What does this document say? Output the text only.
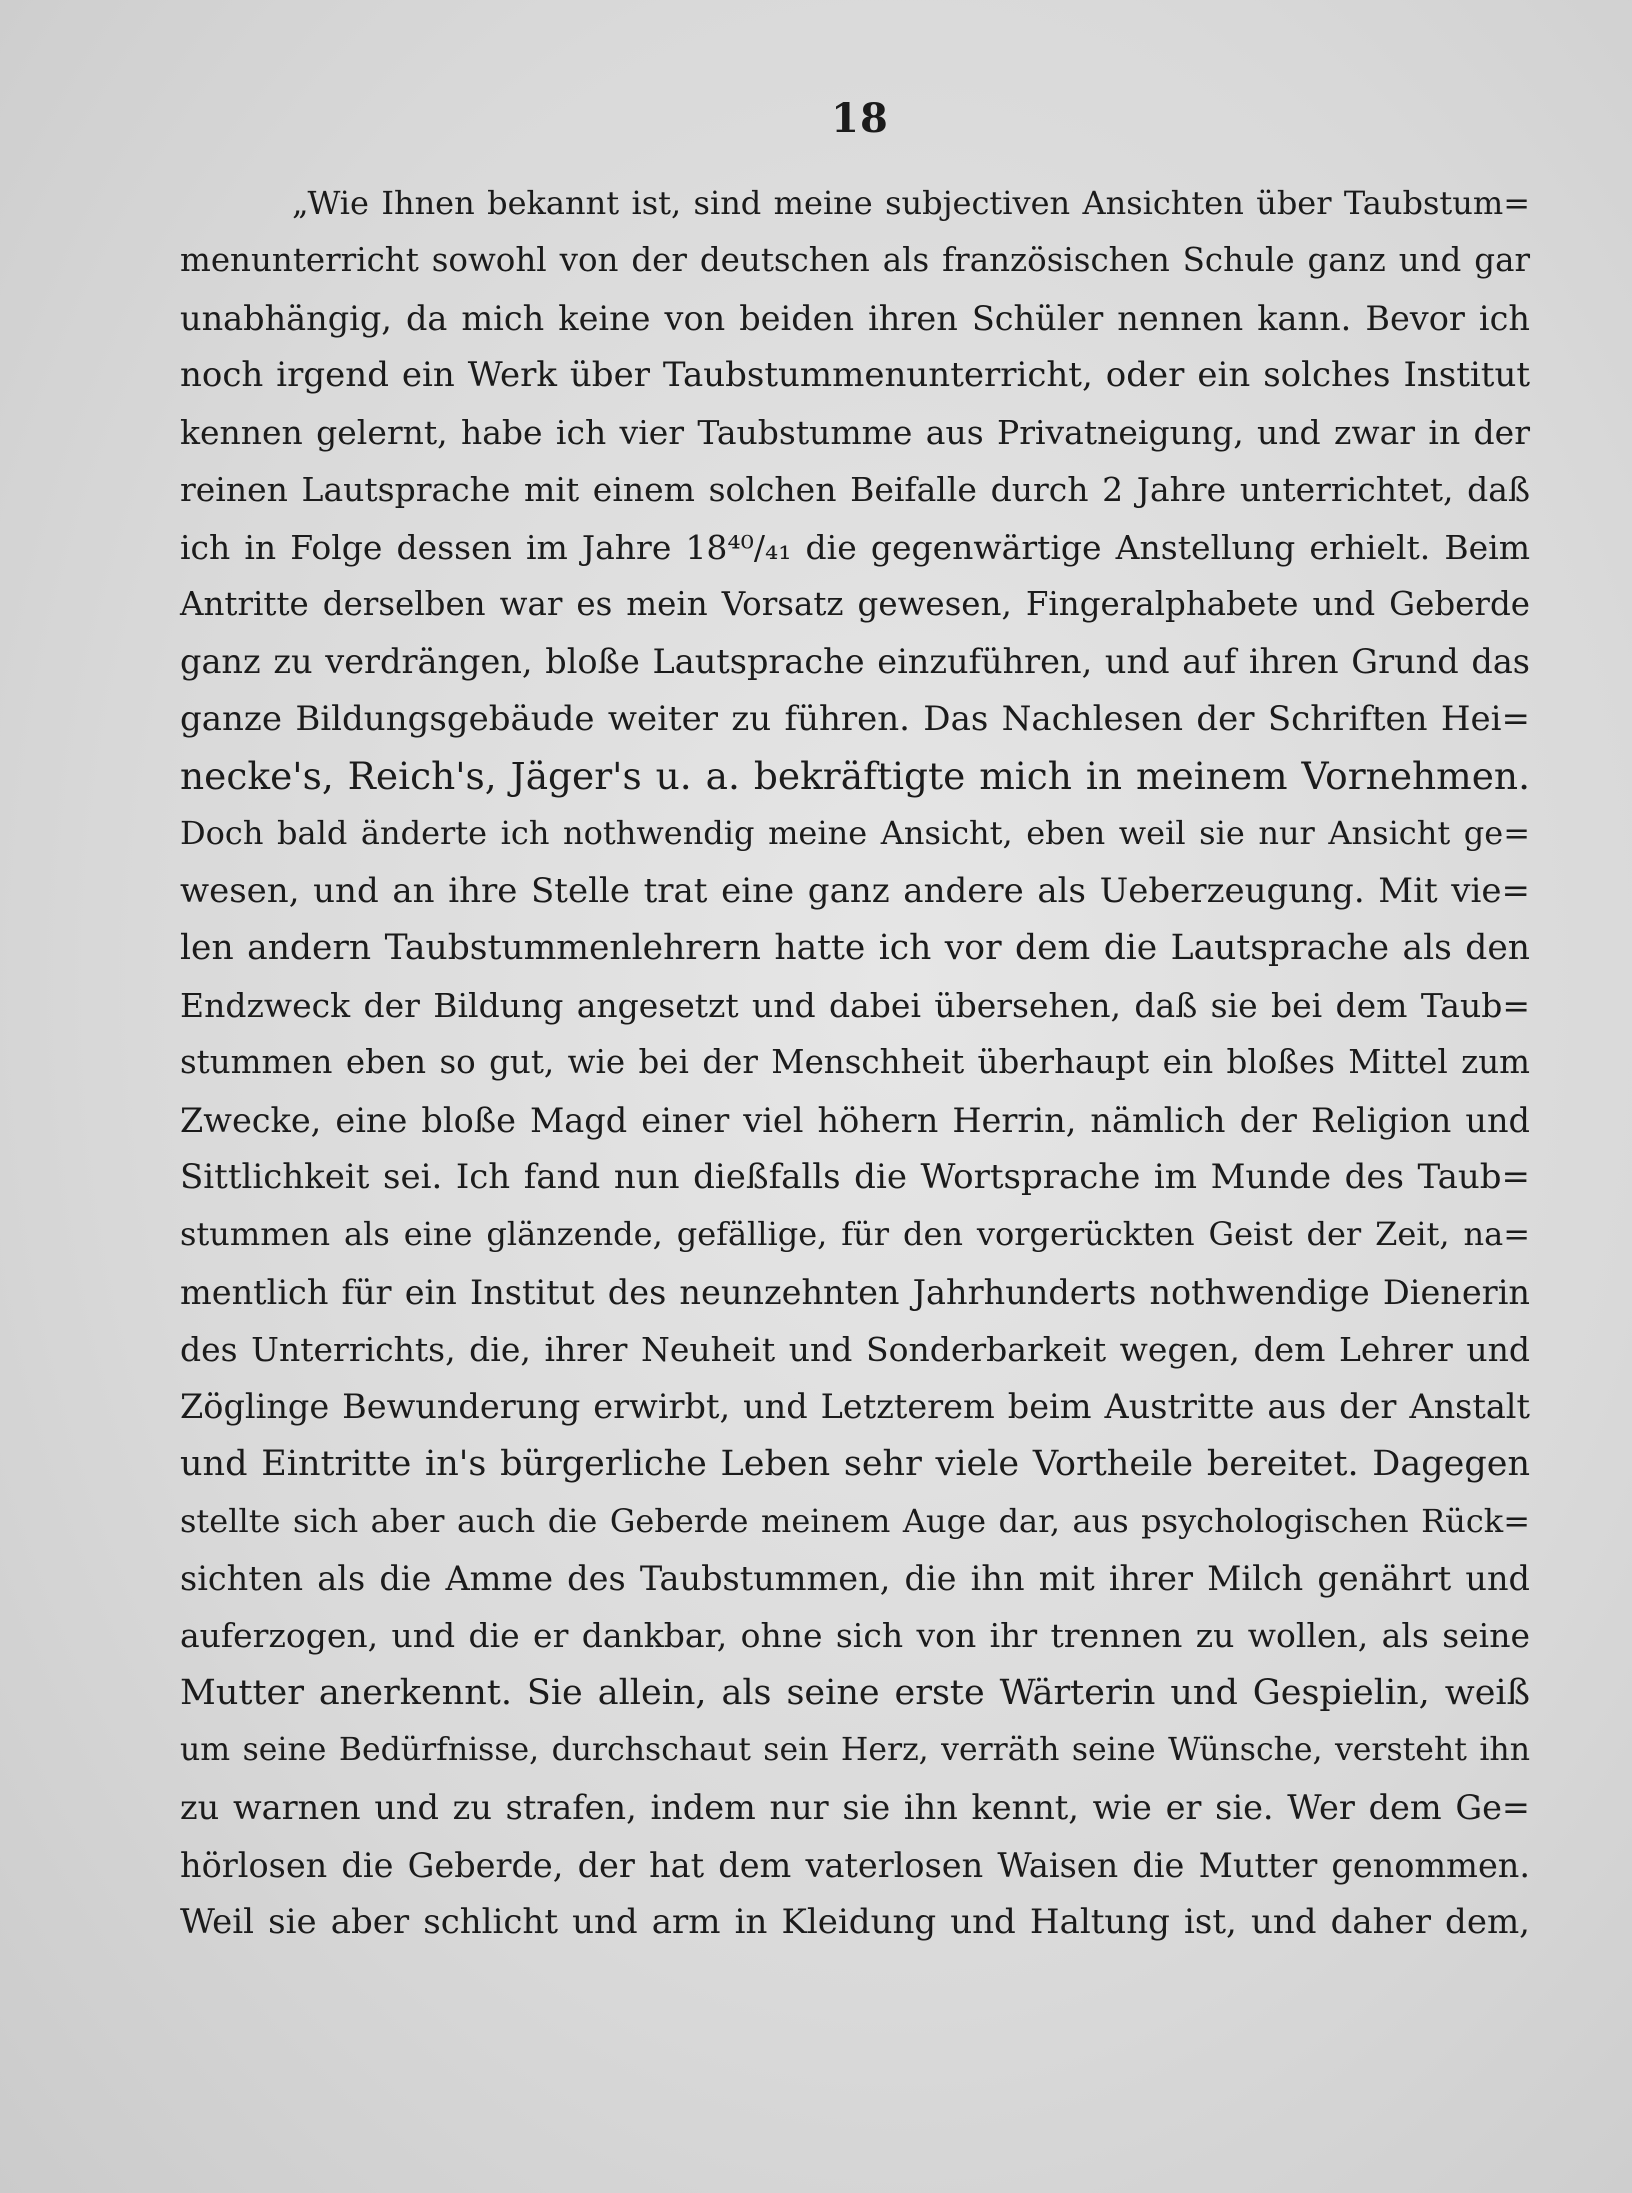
18
„Wie Ihnen bekannt ist, sind meine subjectiven Ansichten über Taubstum=
menunterricht sowohl von der deutschen als französischen Schule ganz und gar
unabhängig, da mich keine von beiden ihren Schüler nennen kann. Bevor ich
noch irgend ein Werk über Taubstummenunterricht, oder ein solches Institut
kennen gelernt, habe ich vier Taubstumme aus Privatneigung, und zwar in der
reinen Lautsprache mit einem solchen Beifalle durch 2 Jahre unterrichtet, daß
ich in Folge dessen im Jahre 18⁴⁰/₄₁ die gegenwärtige Anstellung erhielt. Beim
Antritte derselben war es mein Vorsatz gewesen, Fingeralphabete und Geberde
ganz zu verdrängen, bloße Lautsprache einzuführen, und auf ihren Grund das
ganze Bildungsgebäude weiter zu führen. Das Nachlesen der Schriften Hei=
necke's, Reich's, Jäger's u. a. bekräftigte mich in meinem Vornehmen.
Doch bald änderte ich nothwendig meine Ansicht, eben weil sie nur Ansicht ge=
wesen, und an ihre Stelle trat eine ganz andere als Ueberzeugung. Mit vie=
len andern Taubstummenlehrern hatte ich vor dem die Lautsprache als den
Endzweck der Bildung angesetzt und dabei übersehen, daß sie bei dem Taub=
stummen eben so gut, wie bei der Menschheit überhaupt ein bloßes Mittel zum
Zwecke, eine bloße Magd einer viel höhern Herrin, nämlich der Religion und
Sittlichkeit sei. Ich fand nun dießfalls die Wortsprache im Munde des Taub=
stummen als eine glänzende, gefällige, für den vorgerückten Geist der Zeit, na=
mentlich für ein Institut des neunzehnten Jahrhunderts nothwendige Dienerin
des Unterrichts, die, ihrer Neuheit und Sonderbarkeit wegen, dem Lehrer und
Zöglinge Bewunderung erwirbt, und Letzterem beim Austritte aus der Anstalt
und Eintritte in's bürgerliche Leben sehr viele Vortheile bereitet. Dagegen
stellte sich aber auch die Geberde meinem Auge dar, aus psychologischen Rück=
sichten als die Amme des Taubstummen, die ihn mit ihrer Milch genährt und
auferzogen, und die er dankbar, ohne sich von ihr trennen zu wollen, als seine
Mutter anerkennt. Sie allein, als seine erste Wärterin und Gespielin, weiß
um seine Bedürfnisse, durchschaut sein Herz, verräth seine Wünsche, versteht ihn
zu warnen und zu strafen, indem nur sie ihn kennt, wie er sie. Wer dem Ge=
hörlosen die Geberde, der hat dem vaterlosen Waisen die Mutter genommen.
Weil sie aber schlicht und arm in Kleidung und Haltung ist, und daher dem,
